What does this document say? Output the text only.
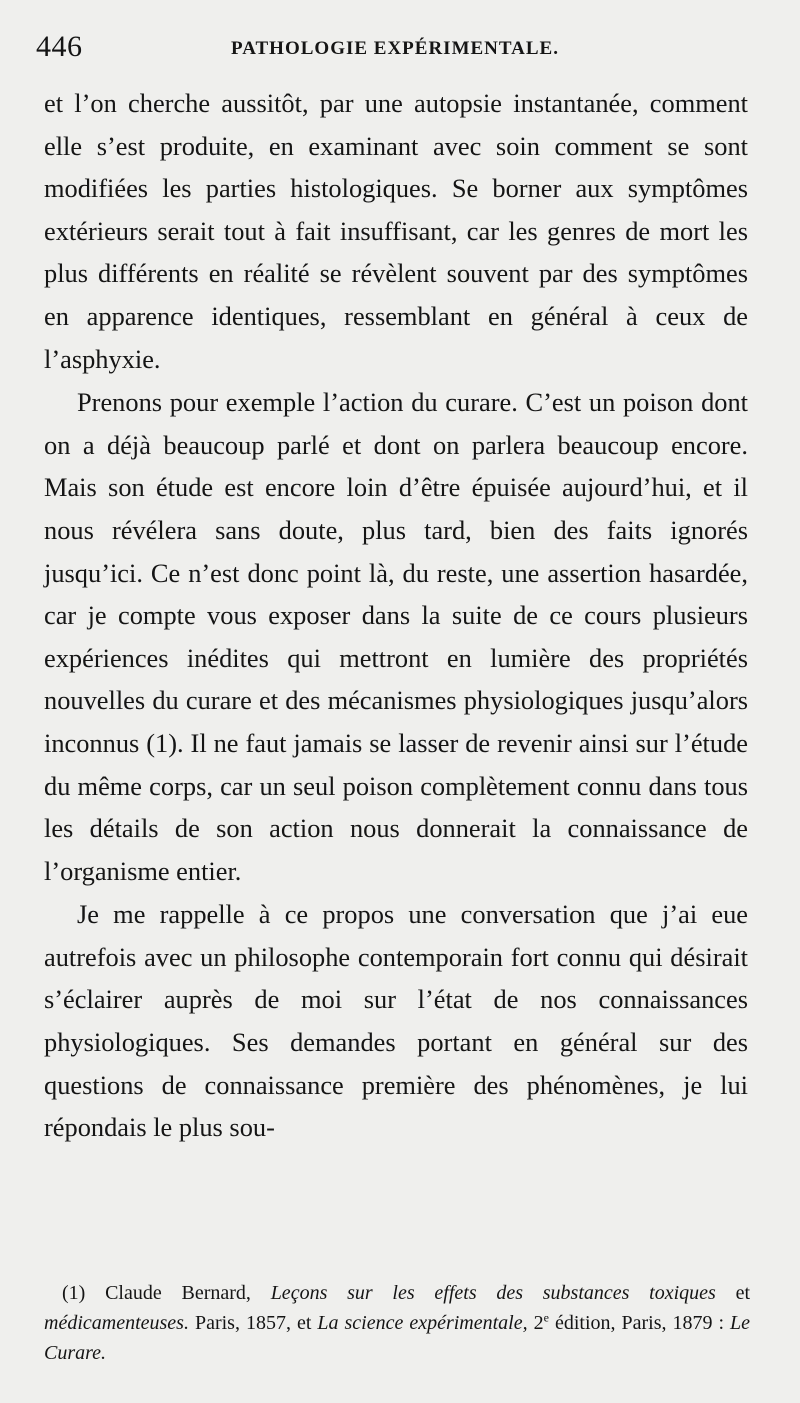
446	PATHOLOGIE EXPÉRIMENTALE.

et l’on cherche aussitôt, par une autopsie instantanée, comment elle s’est produite, en examinant avec soin comment se sont modifiées les parties histologiques. Se borner aux symptômes extérieurs serait tout à fait insuffisant, car les genres de mort les plus différents en réalité se révèlent souvent par des symptômes en apparence identiques, ressemblant en général à ceux de l’asphyxie.

Prenons pour exemple l’action du curare. C’est un poison dont on a déjà beaucoup parlé et dont on parlera beaucoup encore. Mais son étude est encore loin d’être épuisée aujourd’hui, et il nous révélera sans doute, plus tard, bien des faits ignorés jusqu’ici. Ce n’est donc point là, du reste, une assertion hasardée, car je compte vous exposer dans la suite de ce cours plusieurs expériences inédites qui mettront en lumière des propriétés nouvelles du curare et des mécanismes physiologiques jusqu’alors inconnus (1). Il ne faut jamais se lasser de revenir ainsi sur l’étude du même corps, car un seul poison complètement connu dans tous les détails de son action nous donnerait la connaissance de l’organisme entier.

Je me rappelle à ce propos une conversation que j’ai eue autrefois avec un philosophe contemporain fort connu qui désirait s’éclairer auprès de moi sur l’état de nos connaissances physiologiques. Ses demandes portant en général sur des questions de connaissance première des phénomènes, je lui répondais le plus sou-

(1) Claude Bernard, Leçons sur les effets des substances toxiques et médicamenteuses. Paris, 1857, et La science expérimentale, 2e édition, Paris, 1879 : Le Curare.
